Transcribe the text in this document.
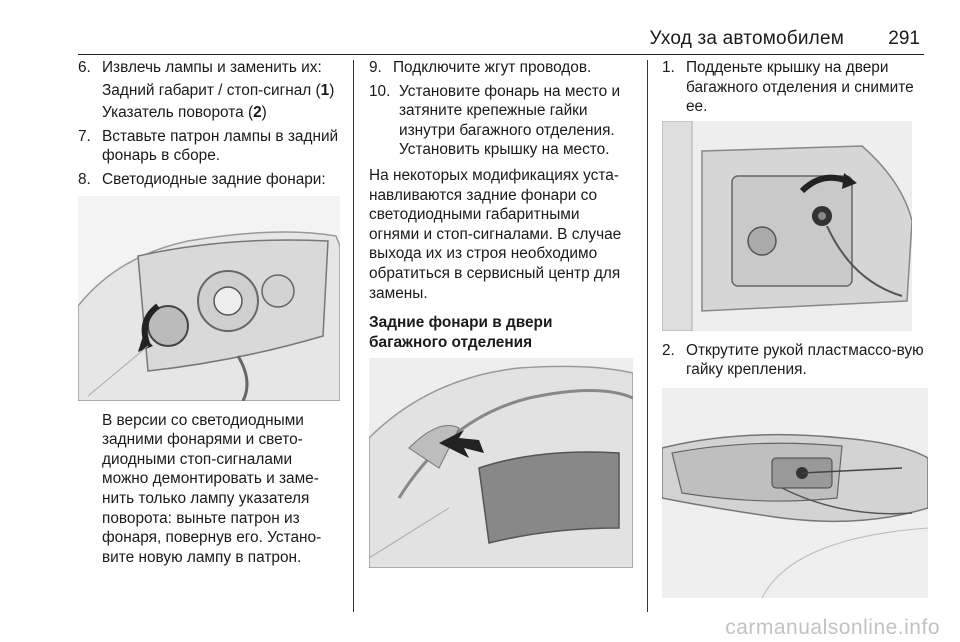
Уход за автомобилем 291
6. Извлечь лампы и заменить их:
Задний габарит / стоп-сигнал (1)
Указатель поворота (2)
7. Вставьте патрон лампы в задний фонарь в сборе.
8. Светодиодные задние фонари:
В версии со светодиодными задними фонарями и свето-диодными стоп-сигналами можно демонтировать и заме-нить только лампу указателя поворота: выньте патрон из фонаря, повернув его. Устано-вите новую лампу в патрон.
9. Подключите жгут проводов.
10. Установите фонарь на место и затяните крепежные гайки изнутри багажного отделения. Установить крышку на место.
На некоторых модификациях уста-навливаются задние фонари со светодиодными габаритными огнями и стоп-сигналами. В случае выхода их из строя необходимо обратиться в сервисный центр для замены.
Задние фонари в двери багажного отделения
1. Подденьте крышку на двери багажного отделения и снимите ее.
2. Открутите рукой пластмассо-вую гайку крепления.
carmanualsonline.info
